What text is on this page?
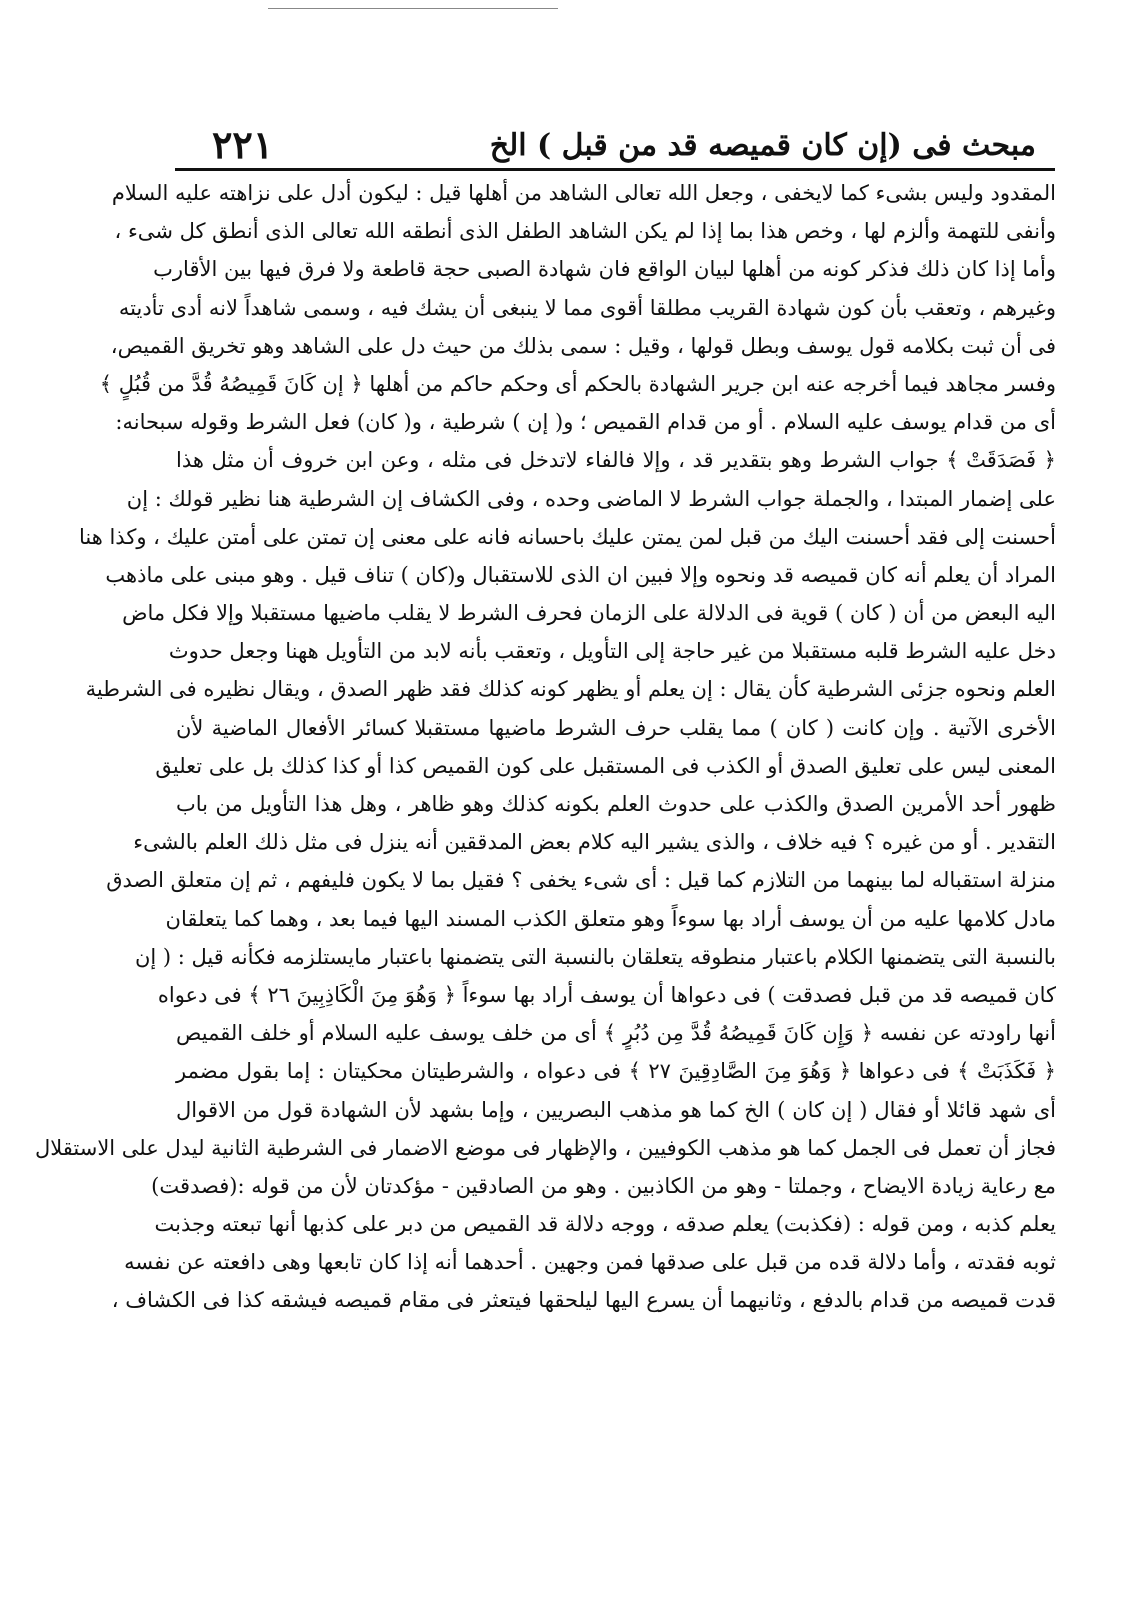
مبحث فى (إن كان قميصه قد من قبل ) الخ
٢٢١
المقدود وليس بشىء كما لايخفى ، وجعل الله تعالى الشاهد من أهلها قيل : ليكون أدل على نزاهته عليه السلام
وأنفى للتهمة وألزم لها ، وخص هذا بما إذا لم يكن الشاهد الطفل الذى أنطقه الله تعالى الذى أنطق كل شىء ،
وأما إذا كان ذلك فذكر كونه من أهلها لبيان الواقع فان شهادة الصبى حجة قاطعة ولا فرق فيها بين الأقارب
وغيرهم ، وتعقب بأن كون شهادة القريب مطلقا أقوى مما لا ينبغى أن يشك فيه ، وسمى شاهداً لانه أدى تأديته
فى أن ثبت بكلامه قول يوسف وبطل قولها ، وقيل : سمى بذلك من حيث دل على الشاهد وهو تخريق القميص،
وفسر مجاهد فيما أخرجه عنه ابن جرير الشهادة بالحكم أى وحكم حاكم من أهلها ﴿ إن كَانَ قَمِيصُهُ قُدَّ من قُبُلٍ ﴾
أى من قدام يوسف عليه السلام . أو من قدام القميص ؛ و( إن ) شرطية ، و( كان) فعل الشرط وقوله سبحانه:
﴿ فَصَدَقَتْ ﴾ جواب الشرط وهو بتقدير قد ، وإلا فالفاء لاتدخل فى مثله ، وعن ابن خروف أن مثل هذا
على إضمار المبتدا ، والجملة جواب الشرط لا الماضى وحده ، وفى الكشاف إن الشرطية هنا نظير قولك : إن
أحسنت إلى فقد أحسنت اليك من قبل لمن يمتن عليك باحسانه فانه على معنى إن تمتن على أمتن عليك ، وكذا هنا
المراد أن يعلم أنه كان قميصه قد ونحوه وإلا فبين ان الذى للاستقبال و(كان ) تناف قيل . وهو مبنى على ماذهب
اليه البعض من أن ( كان ) قوية فى الدلالة على الزمان فحرف الشرط لا يقلب ماضيها مستقبلا وإلا فكل ماض
دخل عليه الشرط قلبه مستقبلا من غير حاجة إلى التأويل ، وتعقب بأنه لابد من التأويل ههنا وجعل حدوث
العلم ونحوه جزئى الشرطية كأن يقال : إن يعلم أو يظهر كونه كذلك فقد ظهر الصدق ، ويقال نظيره فى الشرطية
الأخرى الآتية . وإن كانت ( كان ) مما يقلب حرف الشرط ماضيها مستقبلا كسائر الأفعال الماضية لأن
المعنى ليس على تعليق الصدق أو الكذب فى المستقبل على كون القميص كذا أو كذا كذلك بل على تعليق
ظهور أحد الأمرين الصدق والكذب على حدوث العلم بكونه كذلك وهو ظاهر ، وهل هذا التأويل من باب
التقدير . أو من غيره ؟ فيه خلاف ، والذى يشير اليه كلام بعض المدققين أنه ينزل فى مثل ذلك العلم بالشىء
منزلة استقباله لما بينهما من التلازم كما قيل : أى شىء يخفى ؟ فقيل بما لا يكون فليفهم ، ثم إن متعلق الصدق
مادل كلامها عليه من أن يوسف أراد بها سوءاً وهو متعلق الكذب المسند اليها فيما بعد ، وهما كما يتعلقان
بالنسبة التى يتضمنها الكلام باعتبار منطوقه يتعلقان بالنسبة التى يتضمنها باعتبار مايستلزمه فكأنه قيل : ( إن
كان قميصه قد من قبل فصدقت ) فى دعواها أن يوسف أراد بها سوءاً ﴿ وَهُوَ مِنَ الْكَاذِبِينَ ٢٦ ﴾ فى دعواه
أنها راودته عن نفسه ﴿ وَإِن كَانَ قَمِيصُهُ قُدَّ مِن دُبُرٍ ﴾ أى من خلف يوسف عليه السلام أو خلف القميص
﴿ فَكَذَبَتْ ﴾ فى دعواها ﴿ وَهُوَ مِنَ الصَّادِقِينَ ٢٧ ﴾ فى دعواه ، والشرطيتان محكيتان : إما بقول مضمر
أى شهد قائلا أو فقال ( إن كان ) الخ كما هو مذهب البصريين ، وإما بشهد لأن الشهادة قول من الاقوال
فجاز أن تعمل فى الجمل كما هو مذهب الكوفيين ، والإظهار فى موضع الاضمار فى الشرطية الثانية ليدل على الاستقلال
مع رعاية زيادة الايضاح ، وجملتا - وهو من الكاذبين . وهو من الصادقين - مؤكدتان لأن من قوله :(فصدقت)
يعلم كذبه ، ومن قوله : (فكذبت) يعلم صدقه ، ووجه دلالة قد القميص من دبر على كذبها أنها تبعته وجذبت
ثوبه فقدته ، وأما دلالة قده من قبل على صدقها فمن وجهين . أحدهما أنه إذا كان تابعها وهى دافعته عن نفسه
قدت قميصه من قدام بالدفع ، وثانيهما أن يسرع اليها ليلحقها فيتعثر فى مقام قميصه فيشقه كذا فى الكشاف ،
